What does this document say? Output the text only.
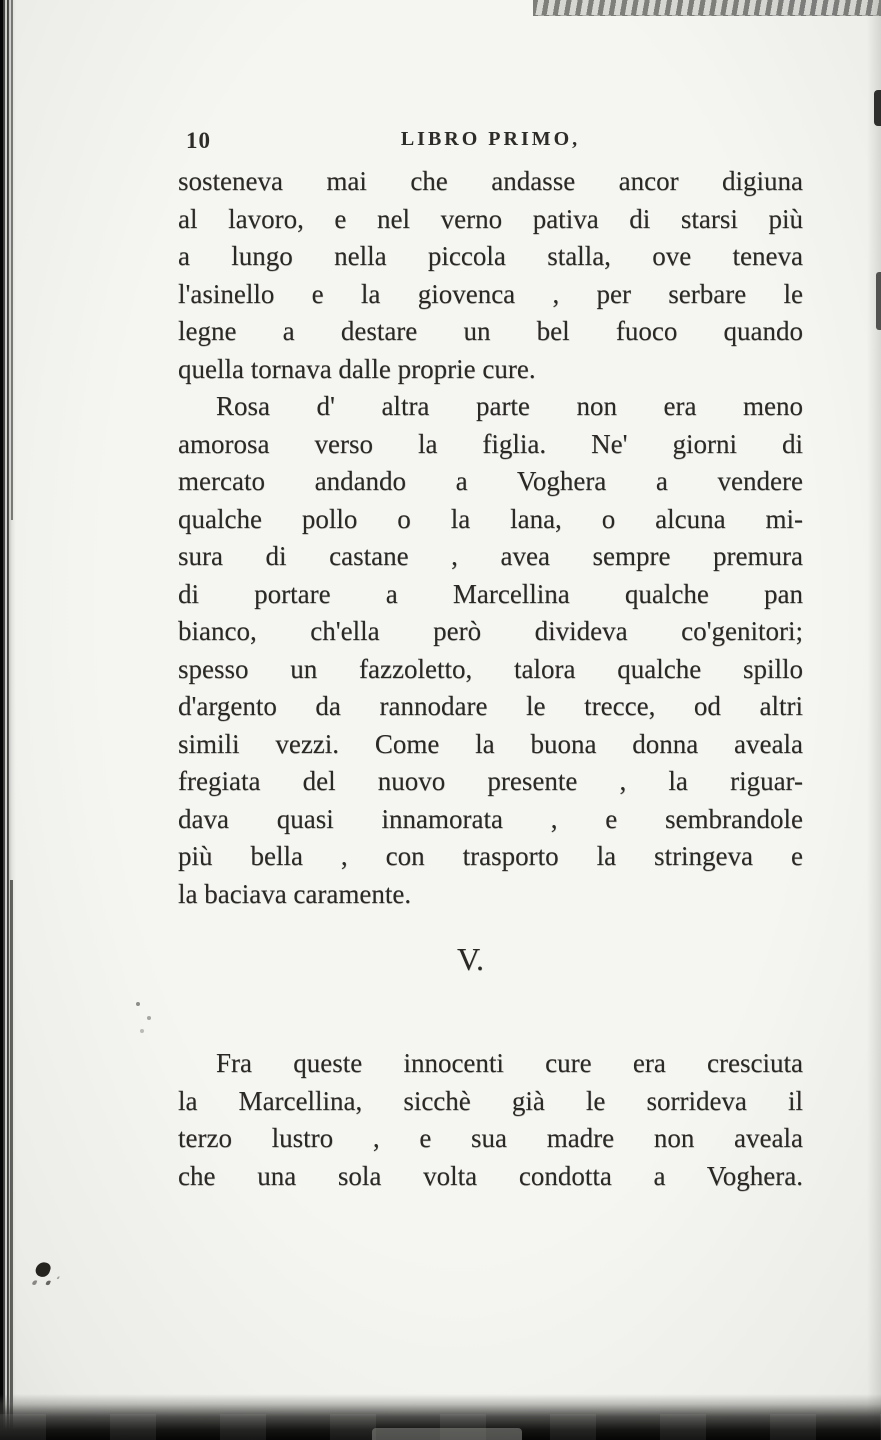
10	LIBRO PRIMO,
sosteneva mai che andasse ancor digiuna
al lavoro, e nel verno pativa di starsi più
a lungo nella piccola stalla, ove teneva
l'asinello e la giovenca , per serbare le
legne a destare un bel fuoco quando
quella tornava dalle proprie cure.
Rosa d' altra parte non era meno
amorosa verso la figlia. Ne' giorni di
mercato andando a Voghera a vendere
qualche pollo o la lana, o alcuna mi-
sura di castane , avea sempre premura
di portare a Marcellina qualche pan
bianco, ch'ella però divideva co'genitori;
spesso un fazzoletto, talora qualche spillo
d'argento da rannodare le trecce, od altri
simili vezzi. Come la buona donna aveala
fregiata del nuovo presente , la riguar-
dava quasi innamorata , e sembrandole
più bella , con trasporto la stringeva e
la baciava caramente.
V.
Fra queste innocenti cure era cresciuta
la Marcellina, sicchè già le sorrideva il
terzo lustro , e sua madre non aveala
che una sola volta condotta a Voghera.
